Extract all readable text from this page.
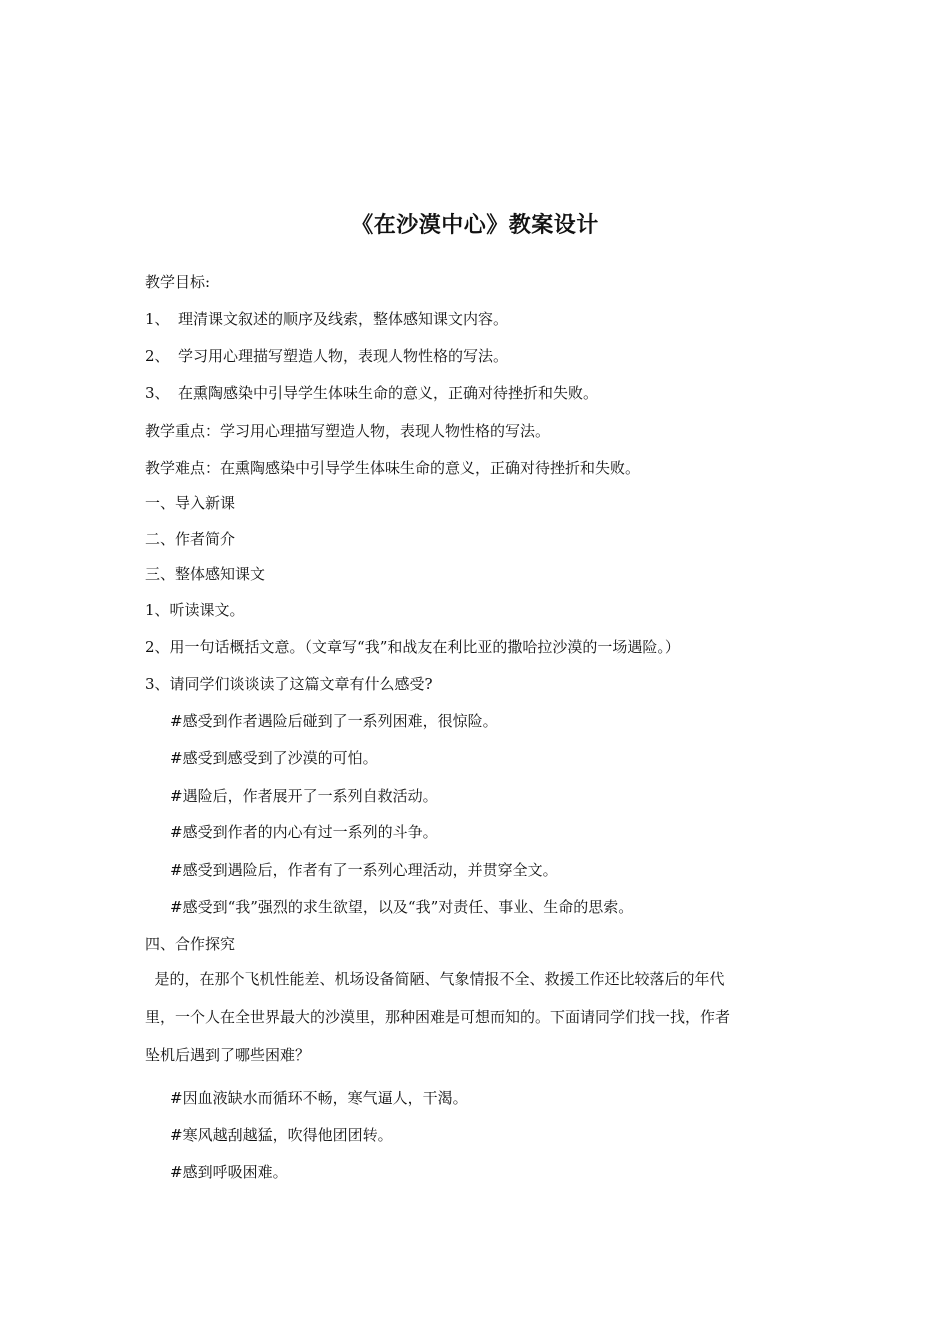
《在沙漠中心》教案设计

教学目标:

1、 理清课文叙述的顺序及线索，整体感知课文内容。

2、 学习用心理描写塑造人物，表现人物性格的写法。

3、 在熏陶感染中引导学生体味生命的意义，正确对待挫折和失败。

教学重点：学习用心理描写塑造人物，表现人物性格的写法。

教学难点：在熏陶感染中引导学生体味生命的意义，正确对待挫折和失败。

一、导入新课

二、作者简介

三、整体感知课文

1、听读课文。

2、用一句话概括文意。（文章写“我”和战友在利比亚的撒哈拉沙漠的一场遇险。）

3、请同学们谈谈读了这篇文章有什么感受?

#感受到作者遇险后碰到了一系列困难，很惊险。

#感受到感受到了沙漠的可怕。

#遇险后，作者展开了一系列自救活动。

#感受到作者的内心有过一系列的斗争。

#感受到遇险后，作者有了一系列心理活动，并贯穿全文。

#感受到“我”强烈的求生欲望，以及“我”对责任、事业、生命的思索。

四、合作探究

是的，在那个飞机性能差、机场设备简陋、气象情报不全、救援工作还比较落后的年代
里，一个人在全世界最大的沙漠里，那种困难是可想而知的。下面请同学们找一找，作者
坠机后遇到了哪些困难？

#因血液缺水而循环不畅，寒气逼人，干渴。

#寒风越刮越猛，吹得他团团转。

#感到呼吸困难。
